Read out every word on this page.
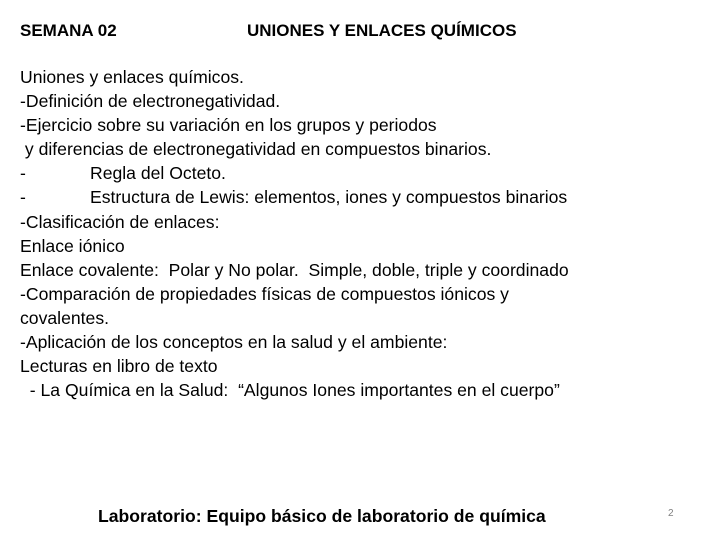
SEMANA 02	UNIONES Y ENLACES QUÍMICOS
Uniones y enlaces químicos.
-Definición de electronegatividad.
-Ejercicio sobre su variación en los grupos y periodos
y diferencias de electronegatividad en compuestos binarios.
-	Regla del Octeto.
-	Estructura de Lewis: elementos, iones y compuestos binarios
-Clasificación de enlaces:
Enlace iónico
Enlace covalente:  Polar y No polar.  Simple, doble, triple y coordinado
-Comparación de propiedades físicas de compuestos iónicos y
covalentes.
-Aplicación de los conceptos en la salud y el ambiente:
Lecturas en libro de texto
- La Química en la Salud:  “Algunos Iones importantes en el cuerpo”
Laboratorio: Equipo básico de laboratorio de química	2
